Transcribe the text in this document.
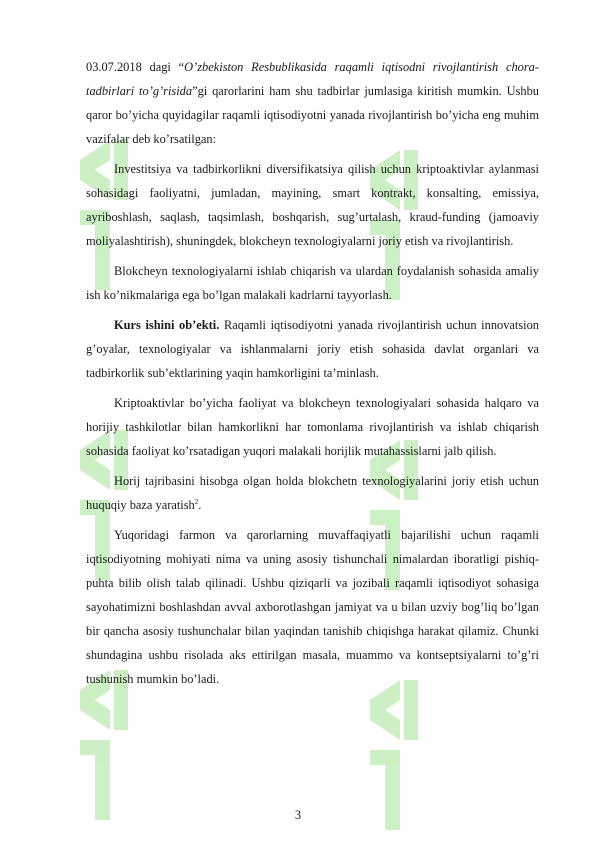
03.07.2018 dagi “O’zbekiston Resbublikasida raqamli iqtisodni rivojlantirish chora-tadbirlari to’g’risida”gi qarorlarini ham shu tadbirlar jumlasiga kiritish mumkin. Ushbu qaror bo’yicha quyidagilar raqamli iqtisodiyotni yanada rivojlantirish bo’yicha eng muhim vazifalar deb ko’rsatilgan:

Investitsiya va tadbirkorlikni diversifikatsiya qilish uchun kriptoaktivlar aylanmasi sohasidagi faoliyatni, jumladan, mayining, smart kontrakt, konsalting, emissiya, ayriboshlash, saqlash, taqsimlash, boshqarish, sug’urtalash, kraud-funding (jamoaviy moliyalashtirish), shuningdek, blokcheyn texnologiyalarni joriy etish va rivojlantirish.

Blokcheyn texnologiyalarni ishlab chiqarish va ulardan foydalanish sohasida amaliy ish ko’nikmalariga ega bo’lgan malakali kadrlarni tayyorlash.

Kurs ishini ob’ekti. Raqamli iqtisodiyotni yanada rivojlantirish uchun innovatsion g’oyalar, texnologiyalar va ishlanmalarni joriy etish sohasida davlat organlari va tadbirkorlik sub’ektlarining yaqin hamkorligini ta’minlash.

Kriptoaktivlar bo’yicha faoliyat va blokcheyn texnologiyalari sohasida halqaro va horijiy tashkilotlar bilan hamkorlikni har tomonlama rivojlantirish va ishlab chiqarish sohasida faoliyat ko’rsatadigan yuqori malakali horijlik mutahassislarni jalb qilish.

Horij tajribasini hisobga olgan holda blokchetn texnologiyalarini joriy etish uchun huquqiy baza yaratish$^2$.

Yuqoridagi farmon va qarorlarning muvaffaqiyatli bajarilishi uchun raqamli iqtisodiyotning mohiyati nima va uning asosiy tishunchali nimalardan iboratligi pishiq-puhta bilib olish talab qilinadi. Ushbu qiziqarli va jozibali raqamli iqtisodiyot sohasiga sayohatimizni boshlashdan avval axborotlashgan jamiyat va u bilan uzviy bog’liq bo’lgan bir qancha asosiy tushunchalar bilan yaqindan tanishib chiqishga harakat qilamiz. Chunki shundagina ushbu risolada aks ettirilgan masala, muammo va kontseptsiyalarni to’g’ri tushunish mumkin bo’ladi.

3
